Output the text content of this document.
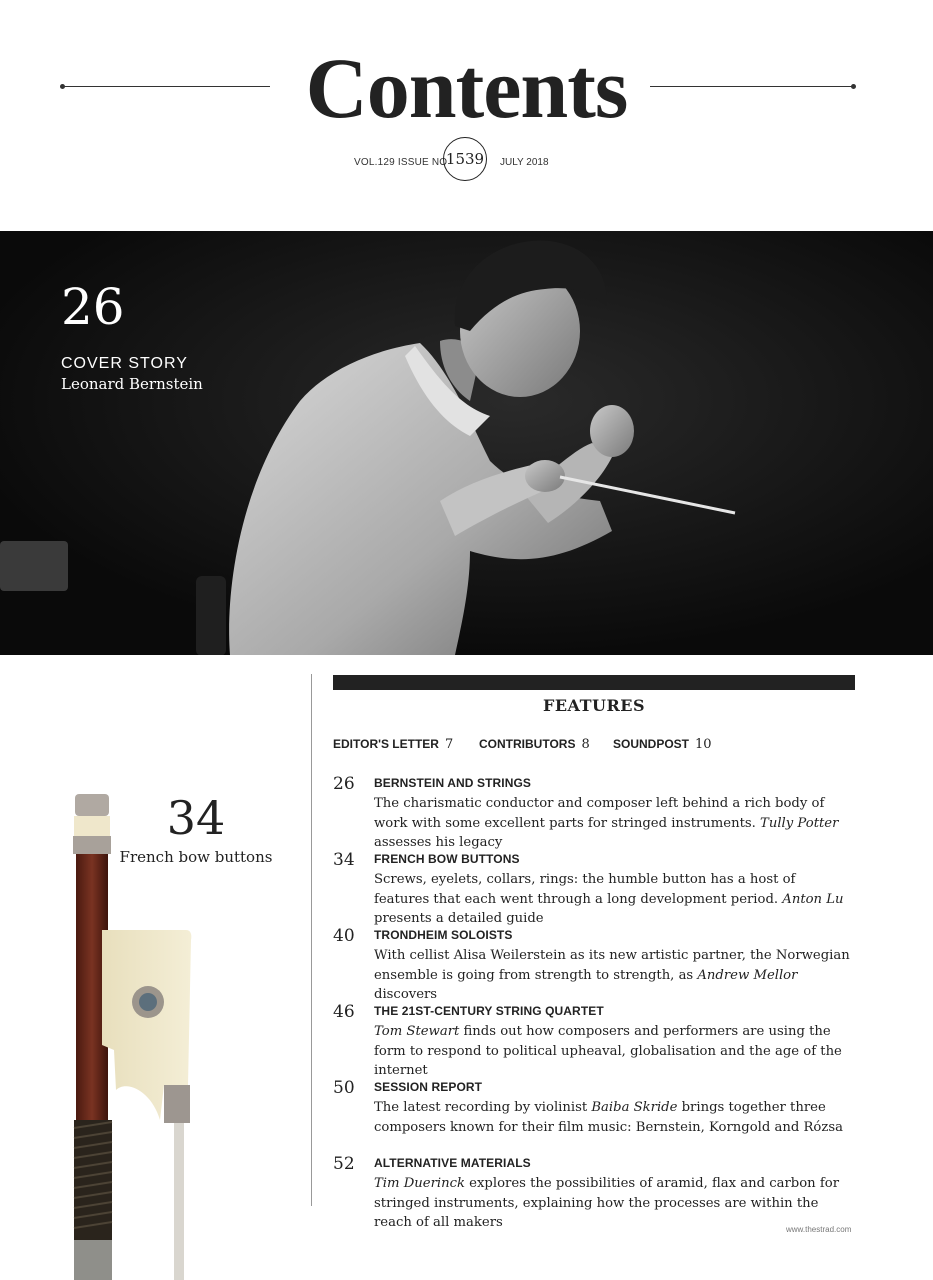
Contents
VOL.129 ISSUE NO
1539 JULY 2018
26
COVER STORY
Leonard Bernstein
34
French bow buttons
FEATURES
EDITOR'S LETTER 7 CONTRIBUTORS 8 SOUNDPOST 10
26 BERNSTEIN AND STRINGS
The charismatic conductor and composer left behind a rich body of work with some excellent parts for stringed instruments. Tully Potter assesses his legacy
34 FRENCH BOW BUTTONS
Screws, eyelets, collars, rings: the humble button has a host of features that each went through a long development period. Anton Lu presents a detailed guide
40 TRONDHEIM SOLOISTS
With cellist Alisa Weilerstein as its new artistic partner, the Norwegian ensemble is going from strength to strength, as Andrew Mellor discovers
46 THE 21ST-CENTURY STRING QUARTET
Tom Stewart finds out how composers and performers are using the form to respond to political upheaval, globalisation and the age of the internet
50 SESSION REPORT
The latest recording by violinist Baiba Skride brings together three composers known for their film music: Bernstein, Korngold and Rózsa
52 ALTERNATIVE MATERIALS
Tim Duerinck explores the possibilities of aramid, flax and carbon for stringed instruments, explaining how the processes are within the reach of all makers	www.thestrad.com
